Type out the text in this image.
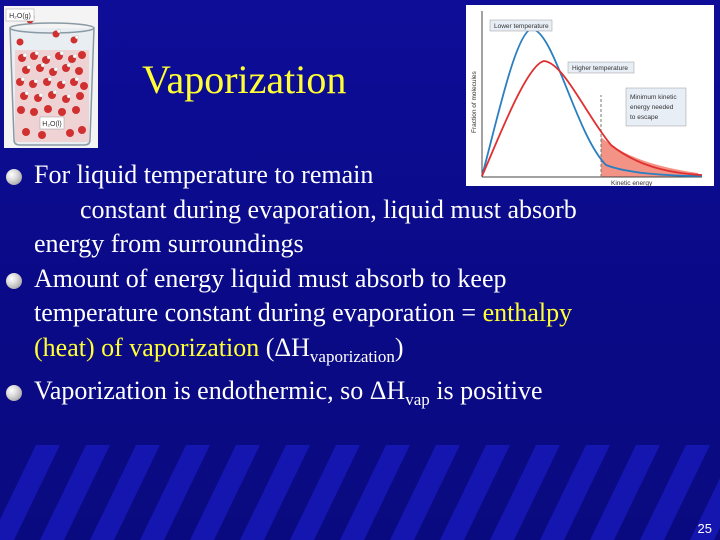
H₂O(l)
H₂O(g)
Lower temperature
Higher temperature
Minimum kinetic
energy needed
to escape
Kinetic energy
Fraction of molecules
Vaporization
For liquid temperature to remain
constant during evaporation, liquid must absorb
energy from surroundings
Amount of energy liquid must absorb to keep
temperature constant during evaporation = enthalpy
(heat) of vaporization $(\Delta H_{vaporization})$
Vaporization is endothermic, so $\Delta H_{vap}$ is positive
25
